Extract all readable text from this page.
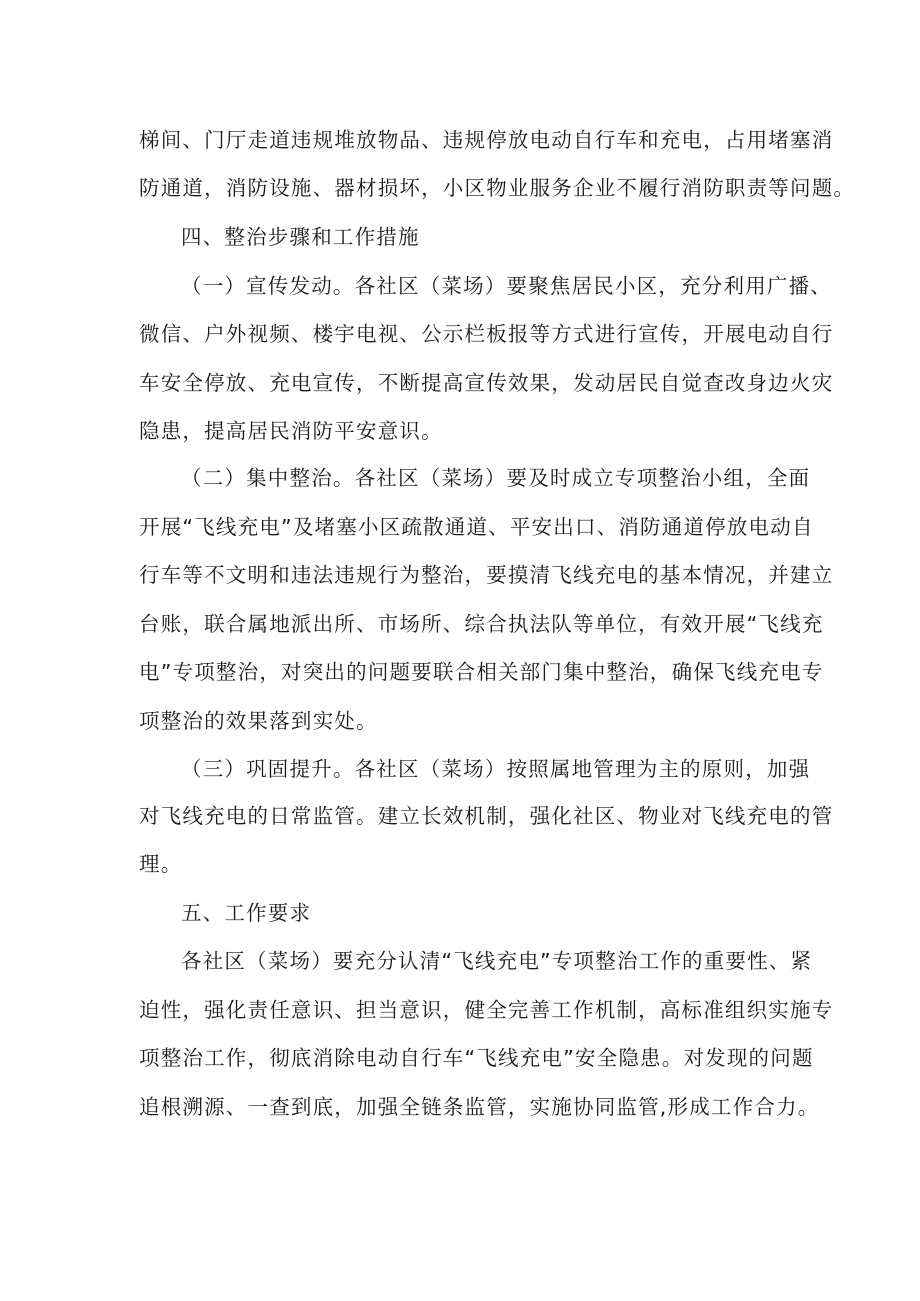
梯间、门厅走道违规堆放物品、违规停放电动自行车和充电，占用堵塞消
防通道，消防设施、器材损坏，小区物业服务企业不履行消防职责等问题。
四、整治步骤和工作措施
（一）宣传发动。各社区（菜场）要聚焦居民小区，充分利用广播、
微信、户外视频、楼宇电视、公示栏板报等方式进行宣传，开展电动自行
车安全停放、充电宣传，不断提高宣传效果，发动居民自觉查改身边火灾
隐患，提高居民消防平安意识。
（二）集中整治。各社区（菜场）要及时成立专项整治小组，全面
开展“飞线充电”及堵塞小区疏散通道、平安出口、消防通道停放电动自
行车等不文明和违法违规行为整治，要摸清飞线充电的基本情况，并建立
台账，联合属地派出所、市场所、综合执法队等单位，有效开展“飞线充
电”专项整治，对突出的问题要联合相关部门集中整治，确保飞线充电专
项整治的效果落到实处。
（三）巩固提升。各社区（菜场）按照属地管理为主的原则，加强
对飞线充电的日常监管。建立长效机制，强化社区、物业对飞线充电的管
理。
五、工作要求
各社区（菜场）要充分认清“飞线充电”专项整治工作的重要性、紧
迫性，强化责任意识、担当意识，健全完善工作机制，高标准组织实施专
项整治工作，彻底消除电动自行车“飞线充电”安全隐患。对发现的问题
追根溯源、一查到底，加强全链条监管，实施协同监管,形成工作合力。
